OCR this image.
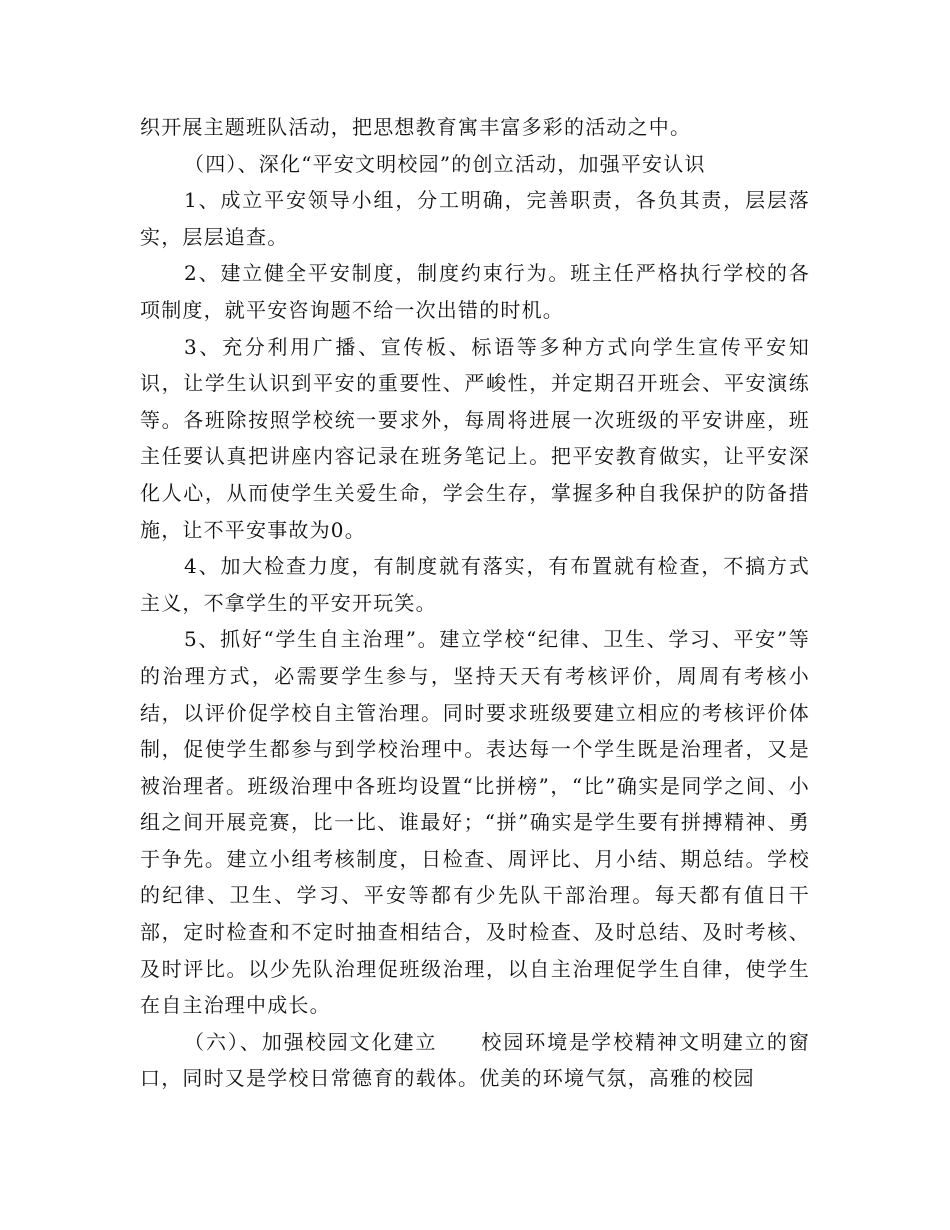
织开展主题班队活动，把思想教育寓丰富多彩的活动之中。

（四）、深化“平安文明校园”的创立活动，加强平安认识

1、成立平安领导小组，分工明确，完善职责，各负其责，层层落实，层层追查。

2、建立健全平安制度，制度约束行为。班主任严格执行学校的各项制度，就平安咨询题不给一次出错的时机。

3、充分利用广播、宣传板、标语等多种方式向学生宣传平安知识，让学生认识到平安的重要性、严峻性，并定期召开班会、平安演练等。各班除按照学校统一要求外，每周将进展一次班级的平安讲座，班主任要认真把讲座内容记录在班务笔记上。把平安教育做实，让平安深化人心，从而使学生关爱生命，学会生存，掌握多种自我保护的防备措施，让不平安事故为0。

4、加大检查力度，有制度就有落实，有布置就有检查，不搞方式主义，不拿学生的平安开玩笑。

5、抓好“学生自主治理”。建立学校“纪律、卫生、学习、平安”等的治理方式，必需要学生参与，坚持天天有考核评价，周周有考核小结，以评价促学校自主管治理。同时要求班级要建立相应的考核评价体制，促使学生都参与到学校治理中。表达每一个学生既是治理者，又是被治理者。班级治理中各班均设置“比拼榜”，“比”确实是同学之间、小组之间开展竞赛，比一比、谁最好；“拼”确实是学生要有拼搏精神、勇于争先。建立小组考核制度，日检查、周评比、月小结、期总结。学校的纪律、卫生、学习、平安等都有少先队干部治理。每天都有值日干部，定时检查和不定时抽查相结合，及时检查、及时总结、及时考核、及时评比。以少先队治理促班级治理，以自主治理促学生自律，使学生在自主治理中成长。

（六）、加强校园文化建立　　校园环境是学校精神文明建立的窗口，同时又是学校日常德育的载体。优美的环境气氛，高雅的校园
